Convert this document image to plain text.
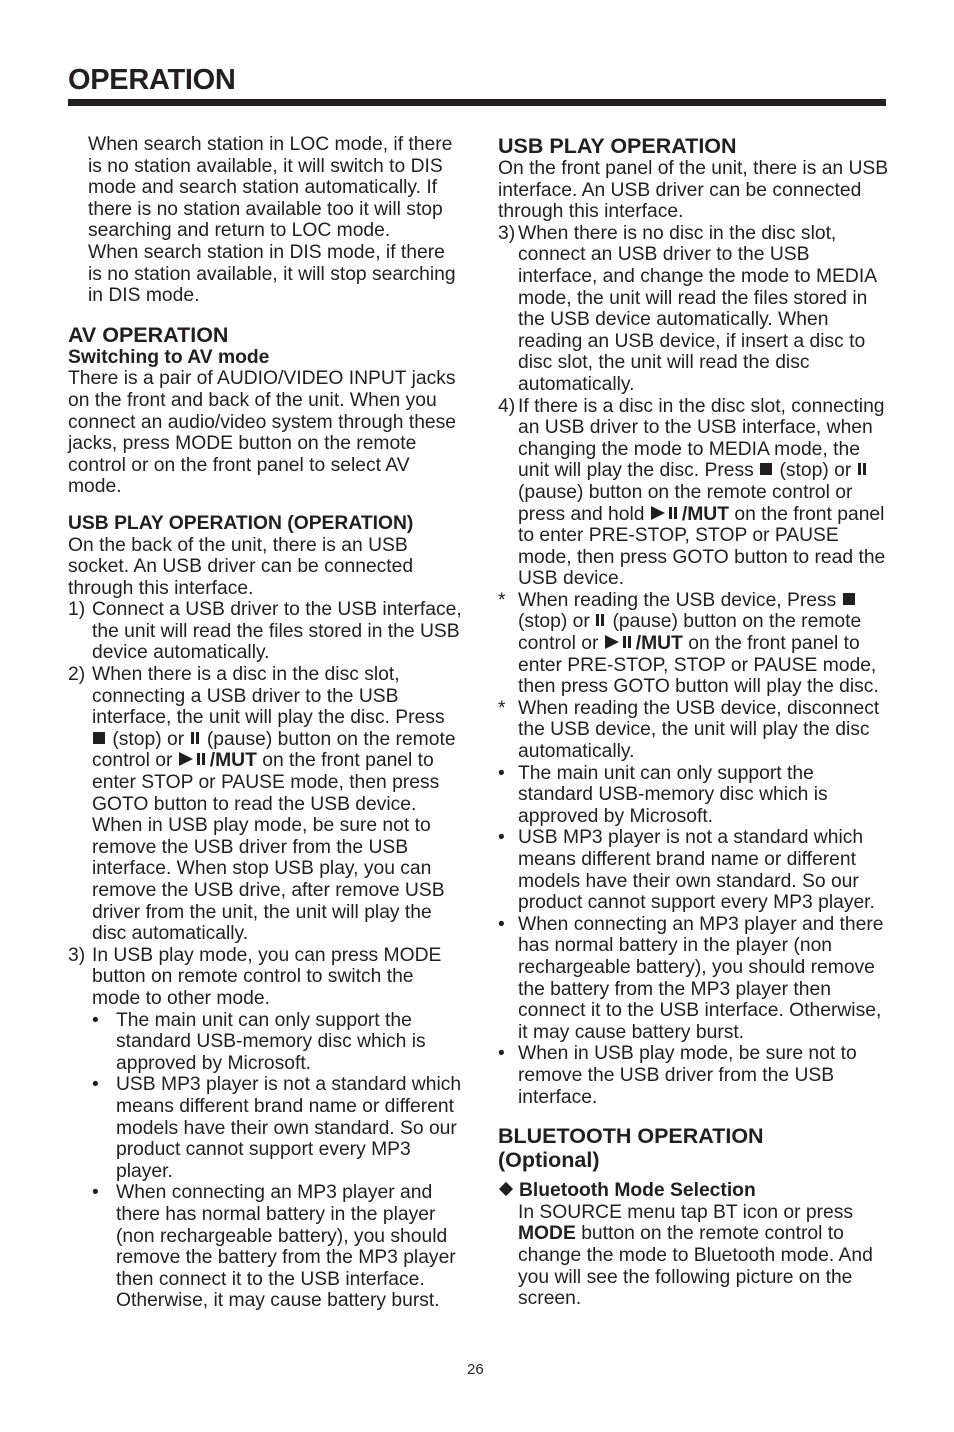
OPERATION

When search station in LOC mode, if there is no station available, it will switch to DIS mode and search station automatically. If there is no station available too it will stop searching and return to LOC mode.

When search station in DIS mode, if there is no station available, it will stop searching in DIS mode.

AV OPERATION
Switching to AV mode

There is a pair of AUDIO/VIDEO INPUT jacks on the front and back of the unit. When you connect an audio/video system through these jacks, press MODE button on the remote control or on the front panel to select AV mode.

USB PLAY OPERATION (OPERATION)

On the back of the unit, there is an USB socket. An USB driver can be connected through this interface.

1) Connect a USB driver to the USB interface, the unit will read the files stored in the USB device automatically.
2) When there is a disc in the disc slot, connecting a USB driver to the USB interface, the unit will play the disc. Press  (stop) or (pause) button on the remote control or /MUT on the front panel to enter STOP or PAUSE mode, then press GOTO button to read the USB device.

When in USB play mode, be sure not to remove the USB driver from the USB interface. When stop USB play, you can remove the USB drive, after remove USB driver from the unit, the unit will play the disc automatically.

3) In USB play mode, you can press MODE button on remote control to switch the mode to other mode.
• The main unit can only support the standard USB-memory disc which is approved by Microsoft.
• USB MP3 player is not a standard which means different brand name or different models have their own standard. So our product cannot support every MP3 player.
• When connecting an MP3 player and there has normal battery in the player (non rechargeable battery), you should remove the battery from the MP3 player then connect it to the USB interface. Otherwise, it may cause battery burst.
USB PLAY OPERATION

On the front panel of the unit, there is an USB interface. An USB driver can be connected through this interface.

3) When there is no disc in the disc slot, connect an USB driver to the USB interface, and change the mode to MEDIA mode, the unit will read the files stored in the USB device automatically. When reading an USB device, if insert a disc to disc slot, the unit will read the disc automatically.
4) If there is a disc in the disc slot, connecting an USB driver to the USB interface, when changing the mode to MEDIA mode, the unit will play the disc. Press (stop) or  (pause) button on the remote control or press and hold /MUT on the front panel to enter PRE-STOP, STOP or PAUSE mode, then press GOTO button to read the USB device.
* When reading the USB device, Press  (stop) or (pause) button on the remote control or /MUT on the front panel to enter PRE-STOP, STOP or PAUSE mode, then press GOTO button will play the disc.
* When reading the USB device, disconnect the USB device, the unit will play the disc automatically.
• The main unit can only support the standard USB-memory disc which is approved by Microsoft.
• USB MP3 player is not a standard which means different brand name or different models have their own standard. So our product cannot support every MP3 player.
• When connecting an MP3 player and there has normal battery in the player (non rechargeable battery), you should remove the battery from the MP3 player then connect it to the USB interface. Otherwise, it may cause battery burst.
• When in USB play mode, be sure not to remove the USB driver from the USB interface.
BLUETOOTH OPERATION
(Optional)
Bluetooth Mode Selection

In SOURCE menu tap BT icon or press MODE button on the remote control to change the mode to Bluetooth mode. And you will see the following picture on the screen.

26
